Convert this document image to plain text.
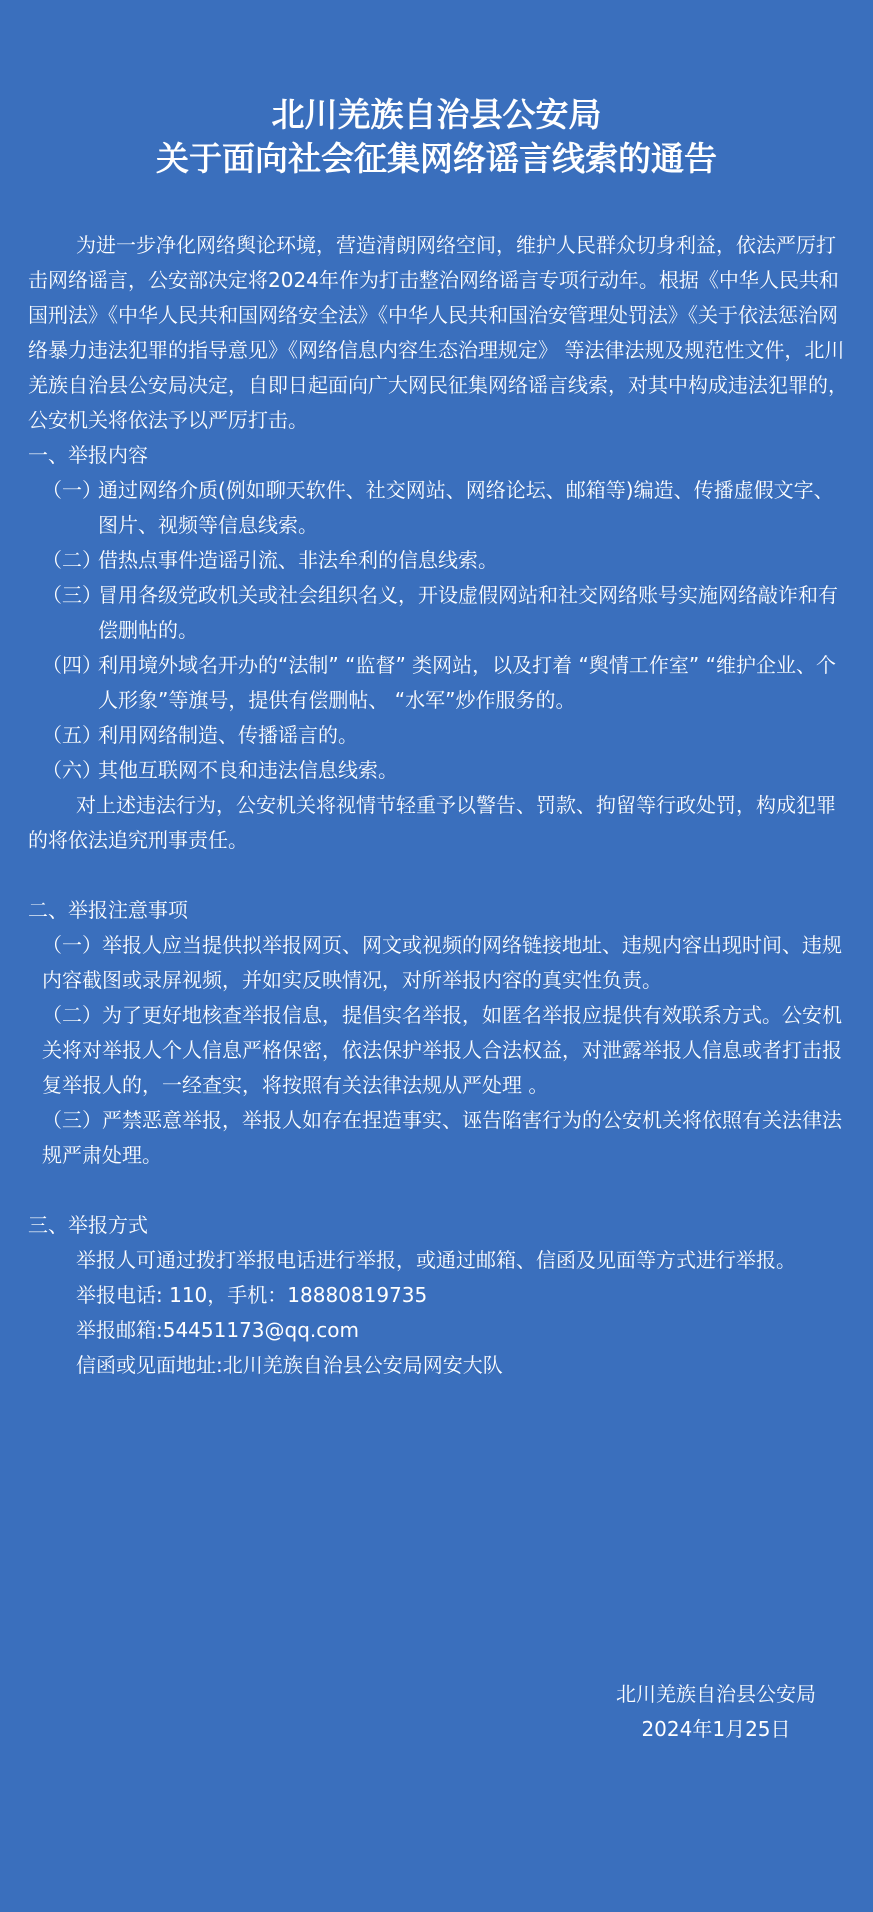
北川羌族自治县公安局
关于面向社会征集网络谣言线索的通告

为进一步净化网络舆论环境，营造清朗网络空间，维护人民群众切身利益，依法严厉打击网络谣言，公安部决定将2024年作为打击整治网络谣言专项行动年。根据《中华人民共和国刑法》《中华人民共和国网络安全法》《中华人民共和国治安管理处罚法》《关于依法惩治网络暴力违法犯罪的指导意见》《网络信息内容生态治理规定》 等法律法规及规范性文件，北川羌族自治县公安局决定，自即日起面向广大网民征集网络谣言线索，对其中构成违法犯罪的， 公安机关将依法予以严厉打击。

一、举报内容

（一）
通过网络介质(例如聊天软件、社交网站、网络论坛、邮箱等)编造、传播虚假文字、图片、视频等信息线索。
（二）
借热点事件造谣引流、非法牟利的信息线索。
（三）
冒用各级党政机关或社会组织名义，开设虚假网站和社交网络账号实施网络敲诈和有偿删帖的。
（四）
利用境外域名开办的“法制” “监督” 类网站，以及打着 “舆情工作室” “维护企业、个人形象”等旗号，提供有偿删帖、 “水军”炒作服务的。
（五）
利用网络制造、传播谣言的。
（六）
其他互联网不良和违法信息线索。

对上述违法行为，公安机关将视情节轻重予以警告、罚款、拘留等行政处罚，构成犯罪的将依法追究刑事责任。

二、举报注意事项

（一）举报人应当提供拟举报网页、网文或视频的网络链接地址、违规内容出现时间、违规内容截图或录屏视频，并如实反映情况，对所举报内容的真实性负责。

（二）为了更好地核查举报信息，提倡实名举报，如匿名举报应提供有效联系方式。公安机关将对举报人个人信息严格保密，依法保护举报人合法权益，对泄露举报人信息或者打击报复举报人的，一经查实，将按照有关法律法规从严处理 。

（三）严禁恶意举报，举报人如存在捏造事实、诬告陷害行为的公安机关将依照有关法律法规严肃处理。

三、举报方式

举报人可通过拨打举报电话进行举报，或通过邮箱、信函及见面等方式进行举报。

举报电话: 110，手机：18880819735

举报邮箱:54451173@qq.com

信函或见面地址:北川羌族自治县公安局网安大队

北川羌族自治县公安局
2024年1月25日
